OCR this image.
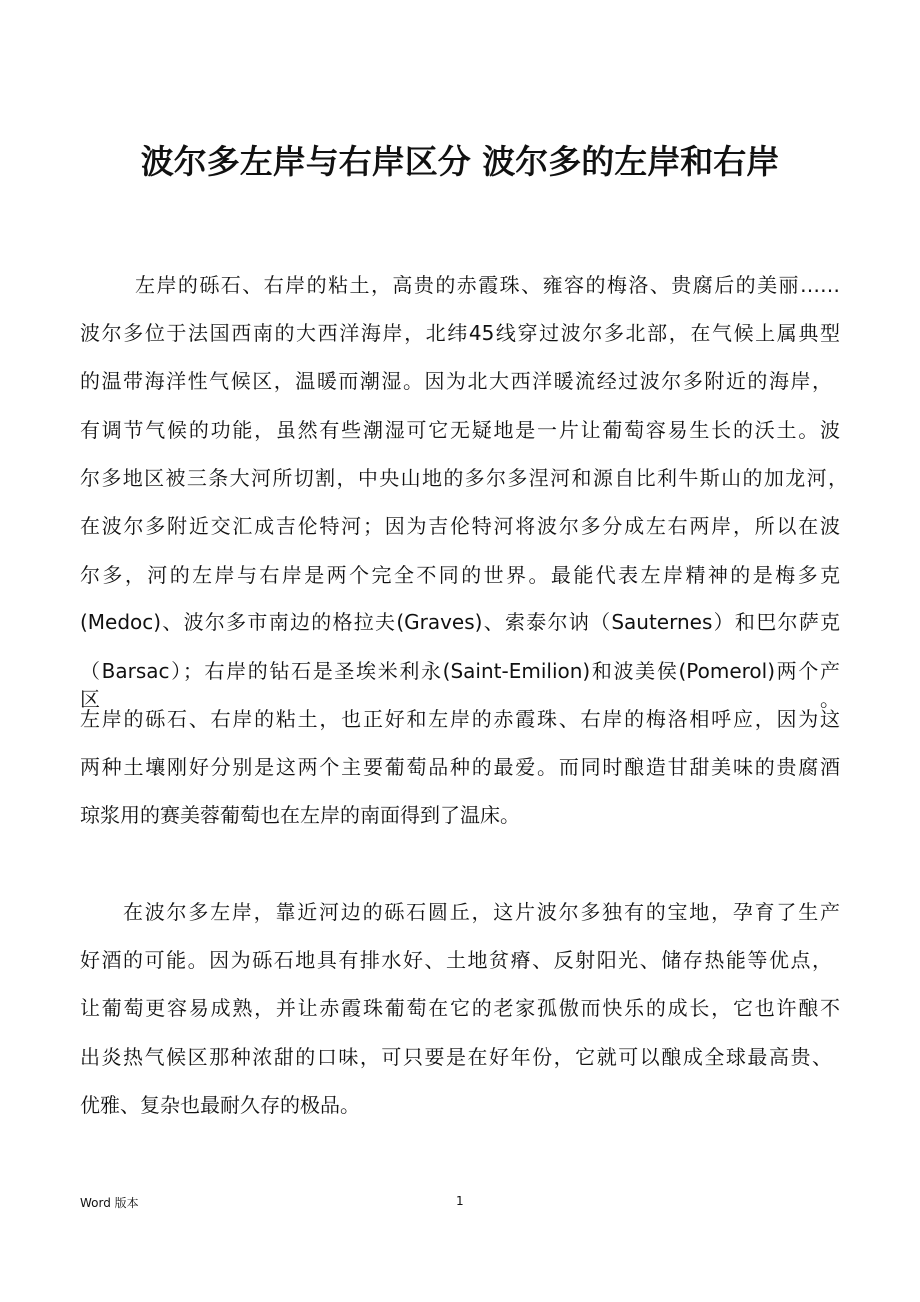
波尔多左岸与右岸区分 波尔多的左岸和右岸
左岸的砾石、右岸的粘土，高贵的赤霞珠、雍容的梅洛、贵腐后的美丽……
波尔多位于法国西南的大西洋海岸，北纬45线穿过波尔多北部，在气候上属典型
的温带海洋性气候区，温暖而潮湿。因为北大西洋暖流经过波尔多附近的海岸，
有调节气候的功能，虽然有些潮湿可它无疑地是一片让葡萄容易生长的沃土。波
尔多地区被三条大河所切割，中央山地的多尔多涅河和源自比利牛斯山的加龙河，
在波尔多附近交汇成吉伦特河；因为吉伦特河将波尔多分成左右两岸，所以在波
尔多，河的左岸与右岸是两个完全不同的世界。最能代表左岸精神的是梅多克
(Medoc)、波尔多市南边的格拉夫(Graves)、索泰尔讷（Sauternes）和巴尔萨克
（Barsac）；右岸的钻石是圣埃米利永(Saint-Emilion)和波美侯(Pomerol)两个产区。
左岸的砾石、右岸的粘土，也正好和左岸的赤霞珠、右岸的梅洛相呼应，因为这
两种土壤刚好分别是这两个主要葡萄品种的最爱。而同时酿造甘甜美味的贵腐酒
琼浆用的赛美蓉葡萄也在左岸的南面得到了温床。
在波尔多左岸，靠近河边的砾石圆丘，这片波尔多独有的宝地，孕育了生产
好酒的可能。因为砾石地具有排水好、土地贫瘠、反射阳光、储存热能等优点，
让葡萄更容易成熟，并让赤霞珠葡萄在它的老家孤傲而快乐的成长，它也许酿不
出炎热气候区那种浓甜的口味，可只要是在好年份，它就可以酿成全球最高贵、
优雅、复杂也最耐久存的极品。
Word 版本	1
